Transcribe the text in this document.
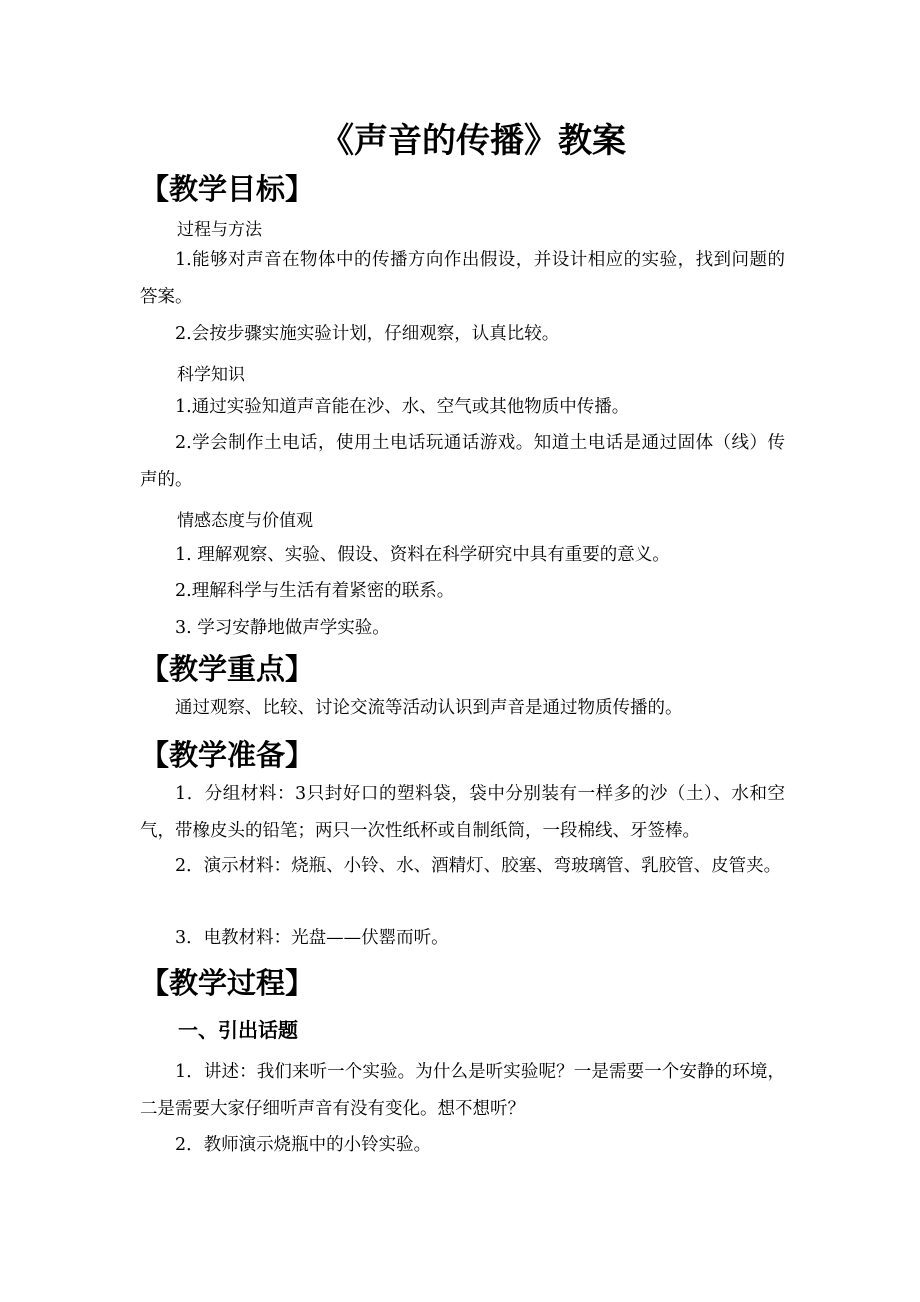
《声音的传播》教案
【教学目标】

过程与方法

1.能够对声音在物体中的传播方向作出假设，并设计相应的实验，找到问题的答案。

2.会按步骤实施实验计划，仔细观察，认真比较。

科学知识

1.通过实验知道声音能在沙、水、空气或其他物质中传播。

2.学会制作土电话，使用土电话玩通话游戏。知道土电话是通过固体（线）传声的。

情感态度与价值观

1. 理解观察、实验、假设、资料在科学研究中具有重要的意义。

2.理解科学与生活有着紧密的联系。

3. 学习安静地做声学实验。

【教学重点】

通过观察、比较、讨论交流等活动认识到声音是通过物质传播的。

【教学准备】

1．分组材料：3只封好口的塑料袋，袋中分别装有一样多的沙（土）、水和空气，带橡皮头的铅笔；两只一次性纸杯或自制纸筒，一段棉线、牙签棒。

2．演示材料：烧瓶、小铃、水、酒精灯、胶塞、弯玻璃管、乳胶管、皮管夹。

3．电教材料：光盘——伏罂而听。

【教学过程】
一、引出话题

1．讲述：我们来听一个实验。为什么是听实验呢？一是需要一个安静的环境，二是需要大家仔细听声音有没有变化。想不想听？

2．教师演示烧瓶中的小铃实验。
